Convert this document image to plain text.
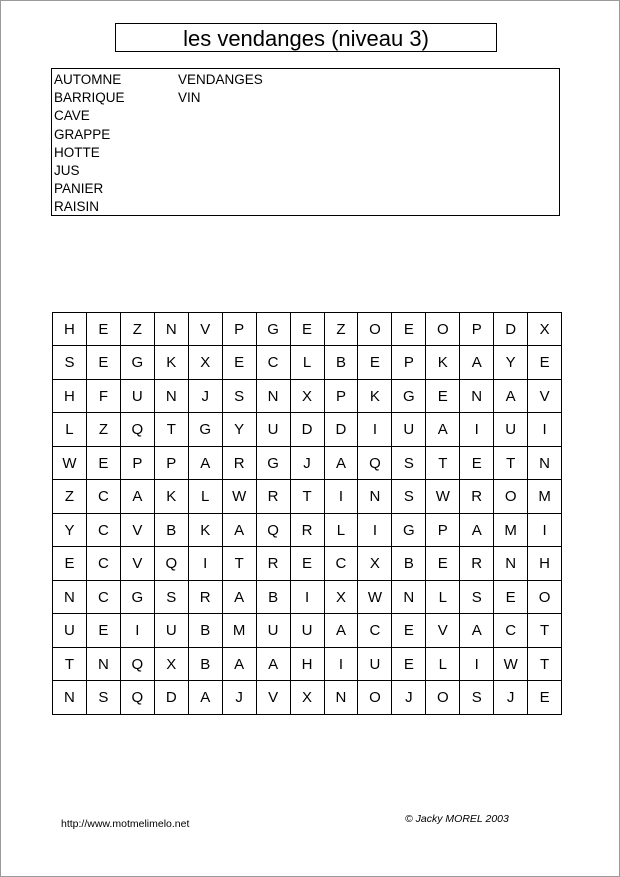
les vendanges (niveau 3)
AUTOMNE
BARRIQUE
CAVE
GRAPPE
HOTTE
JUS
PANIER
RAISIN
VENDANGES
VIN
H	E	Z	N	V	P	G	E	Z	O	E	O	P	D	X
S	E	G	K	X	E	C	L	B	E	P	K	A	Y	E
H	F	U	N	J	S	N	X	P	K	G	E	N	A	V
L	Z	Q	T	G	Y	U	D	D	I	U	A	I	U	I
W	E	P	P	A	R	G	J	A	Q	S	T	E	T	N
Z	C	A	K	L	W	R	T	I	N	S	W	R	O	M
Y	C	V	B	K	A	Q	R	L	I	G	P	A	M	I
E	C	V	Q	I	T	R	E	C	X	B	E	R	N	H
N	C	G	S	R	A	B	I	X	W	N	L	S	E	O
U	E	I	U	B	M	U	U	A	C	E	V	A	C	T
T	N	Q	X	B	A	A	H	I	U	E	L	I	W	T
N	S	Q	D	A	J	V	X	N	O	J	O	S	J	E
http://www.motmelimelo.net	© Jacky MOREL 2003
